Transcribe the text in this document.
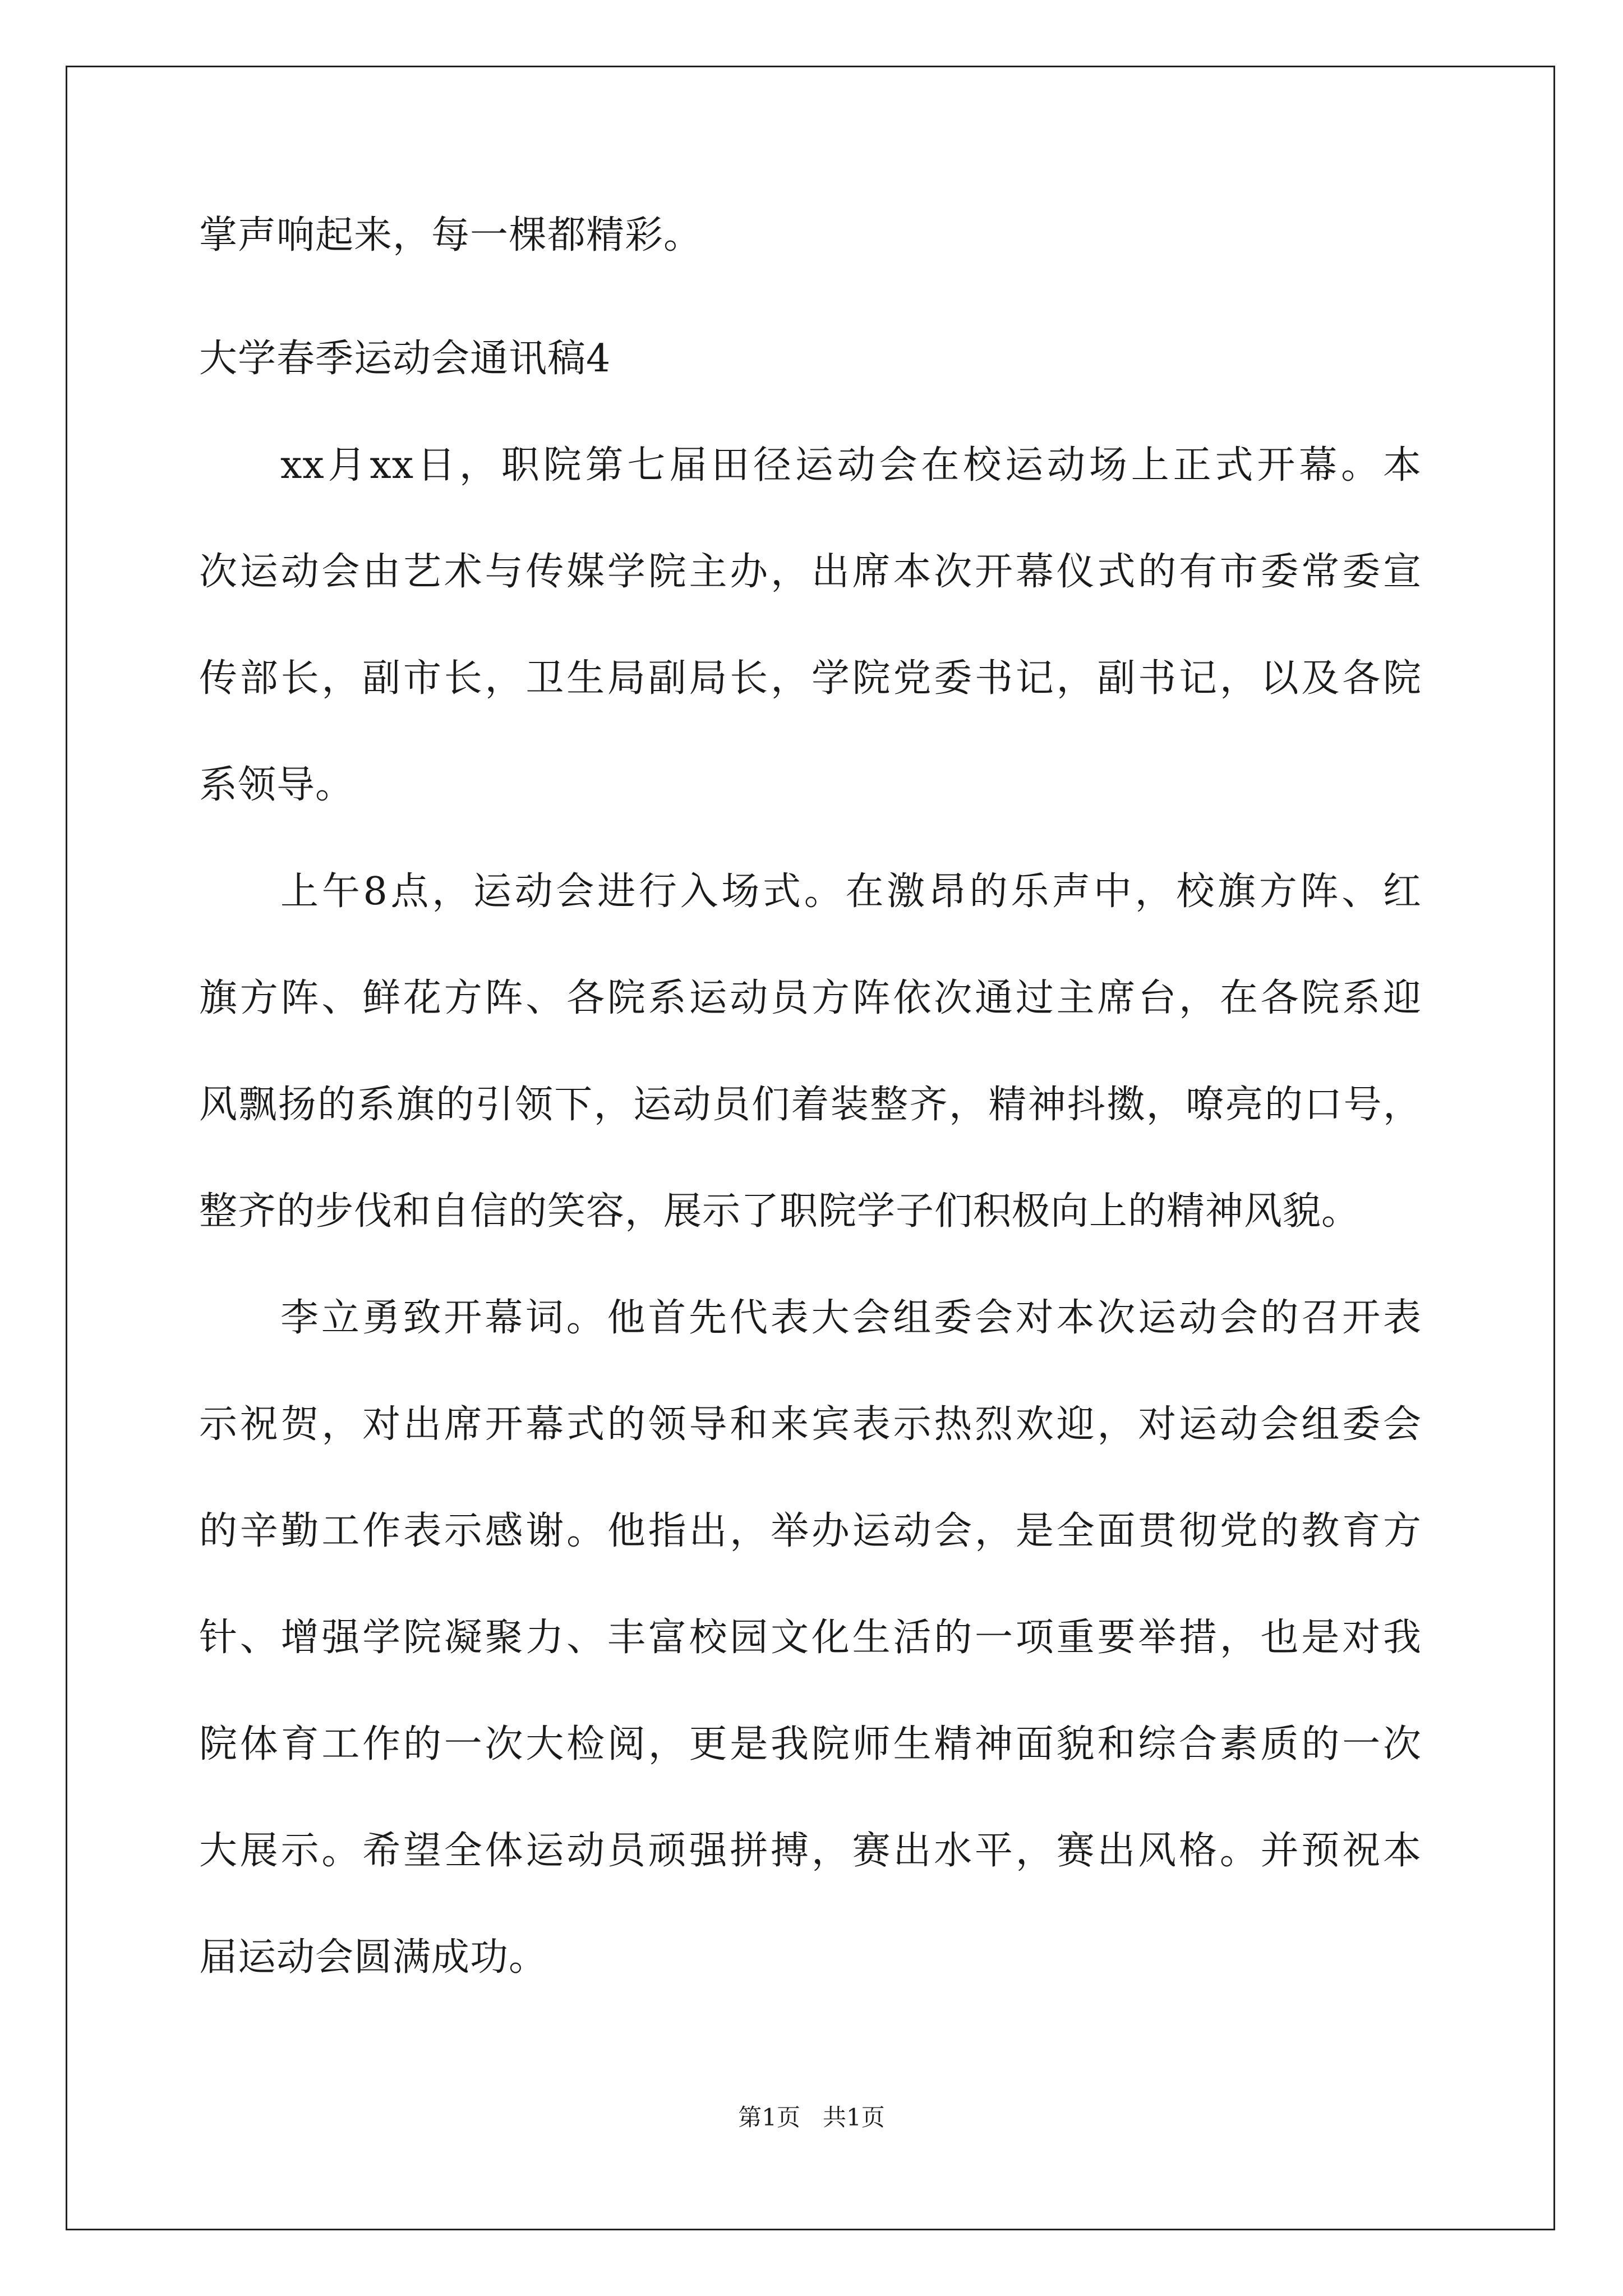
掌声响起来，每一棵都精彩。
大学春季运动会通讯稿4
xx月xx日，职院第七届田径运动会在校运动场上正式开幕。本
次运动会由艺术与传媒学院主办，出席本次开幕仪式的有市委常委宣
传部长，副市长，卫生局副局长，学院党委书记，副书记，以及各院
系领导。
上午8点，运动会进行入场式。在激昂的乐声中，校旗方阵、红
旗方阵、鲜花方阵、各院系运动员方阵依次通过主席台，在各院系迎
风飘扬的系旗的引领下，运动员们着装整齐，精神抖擞，嘹亮的口号，
整齐的步伐和自信的笑容，展示了职院学子们积极向上的精神风貌。
李立勇致开幕词。他首先代表大会组委会对本次运动会的召开表
示祝贺，对出席开幕式的领导和来宾表示热烈欢迎，对运动会组委会
的辛勤工作表示感谢。他指出，举办运动会，是全面贯彻党的教育方
针、增强学院凝聚力、丰富校园文化生活的一项重要举措，也是对我
院体育工作的一次大检阅，更是我院师生精神面貌和综合素质的一次
大展示。希望全体运动员顽强拼搏，赛出水平，赛出风格。并预祝本
届运动会圆满成功。
第1页 共1页
